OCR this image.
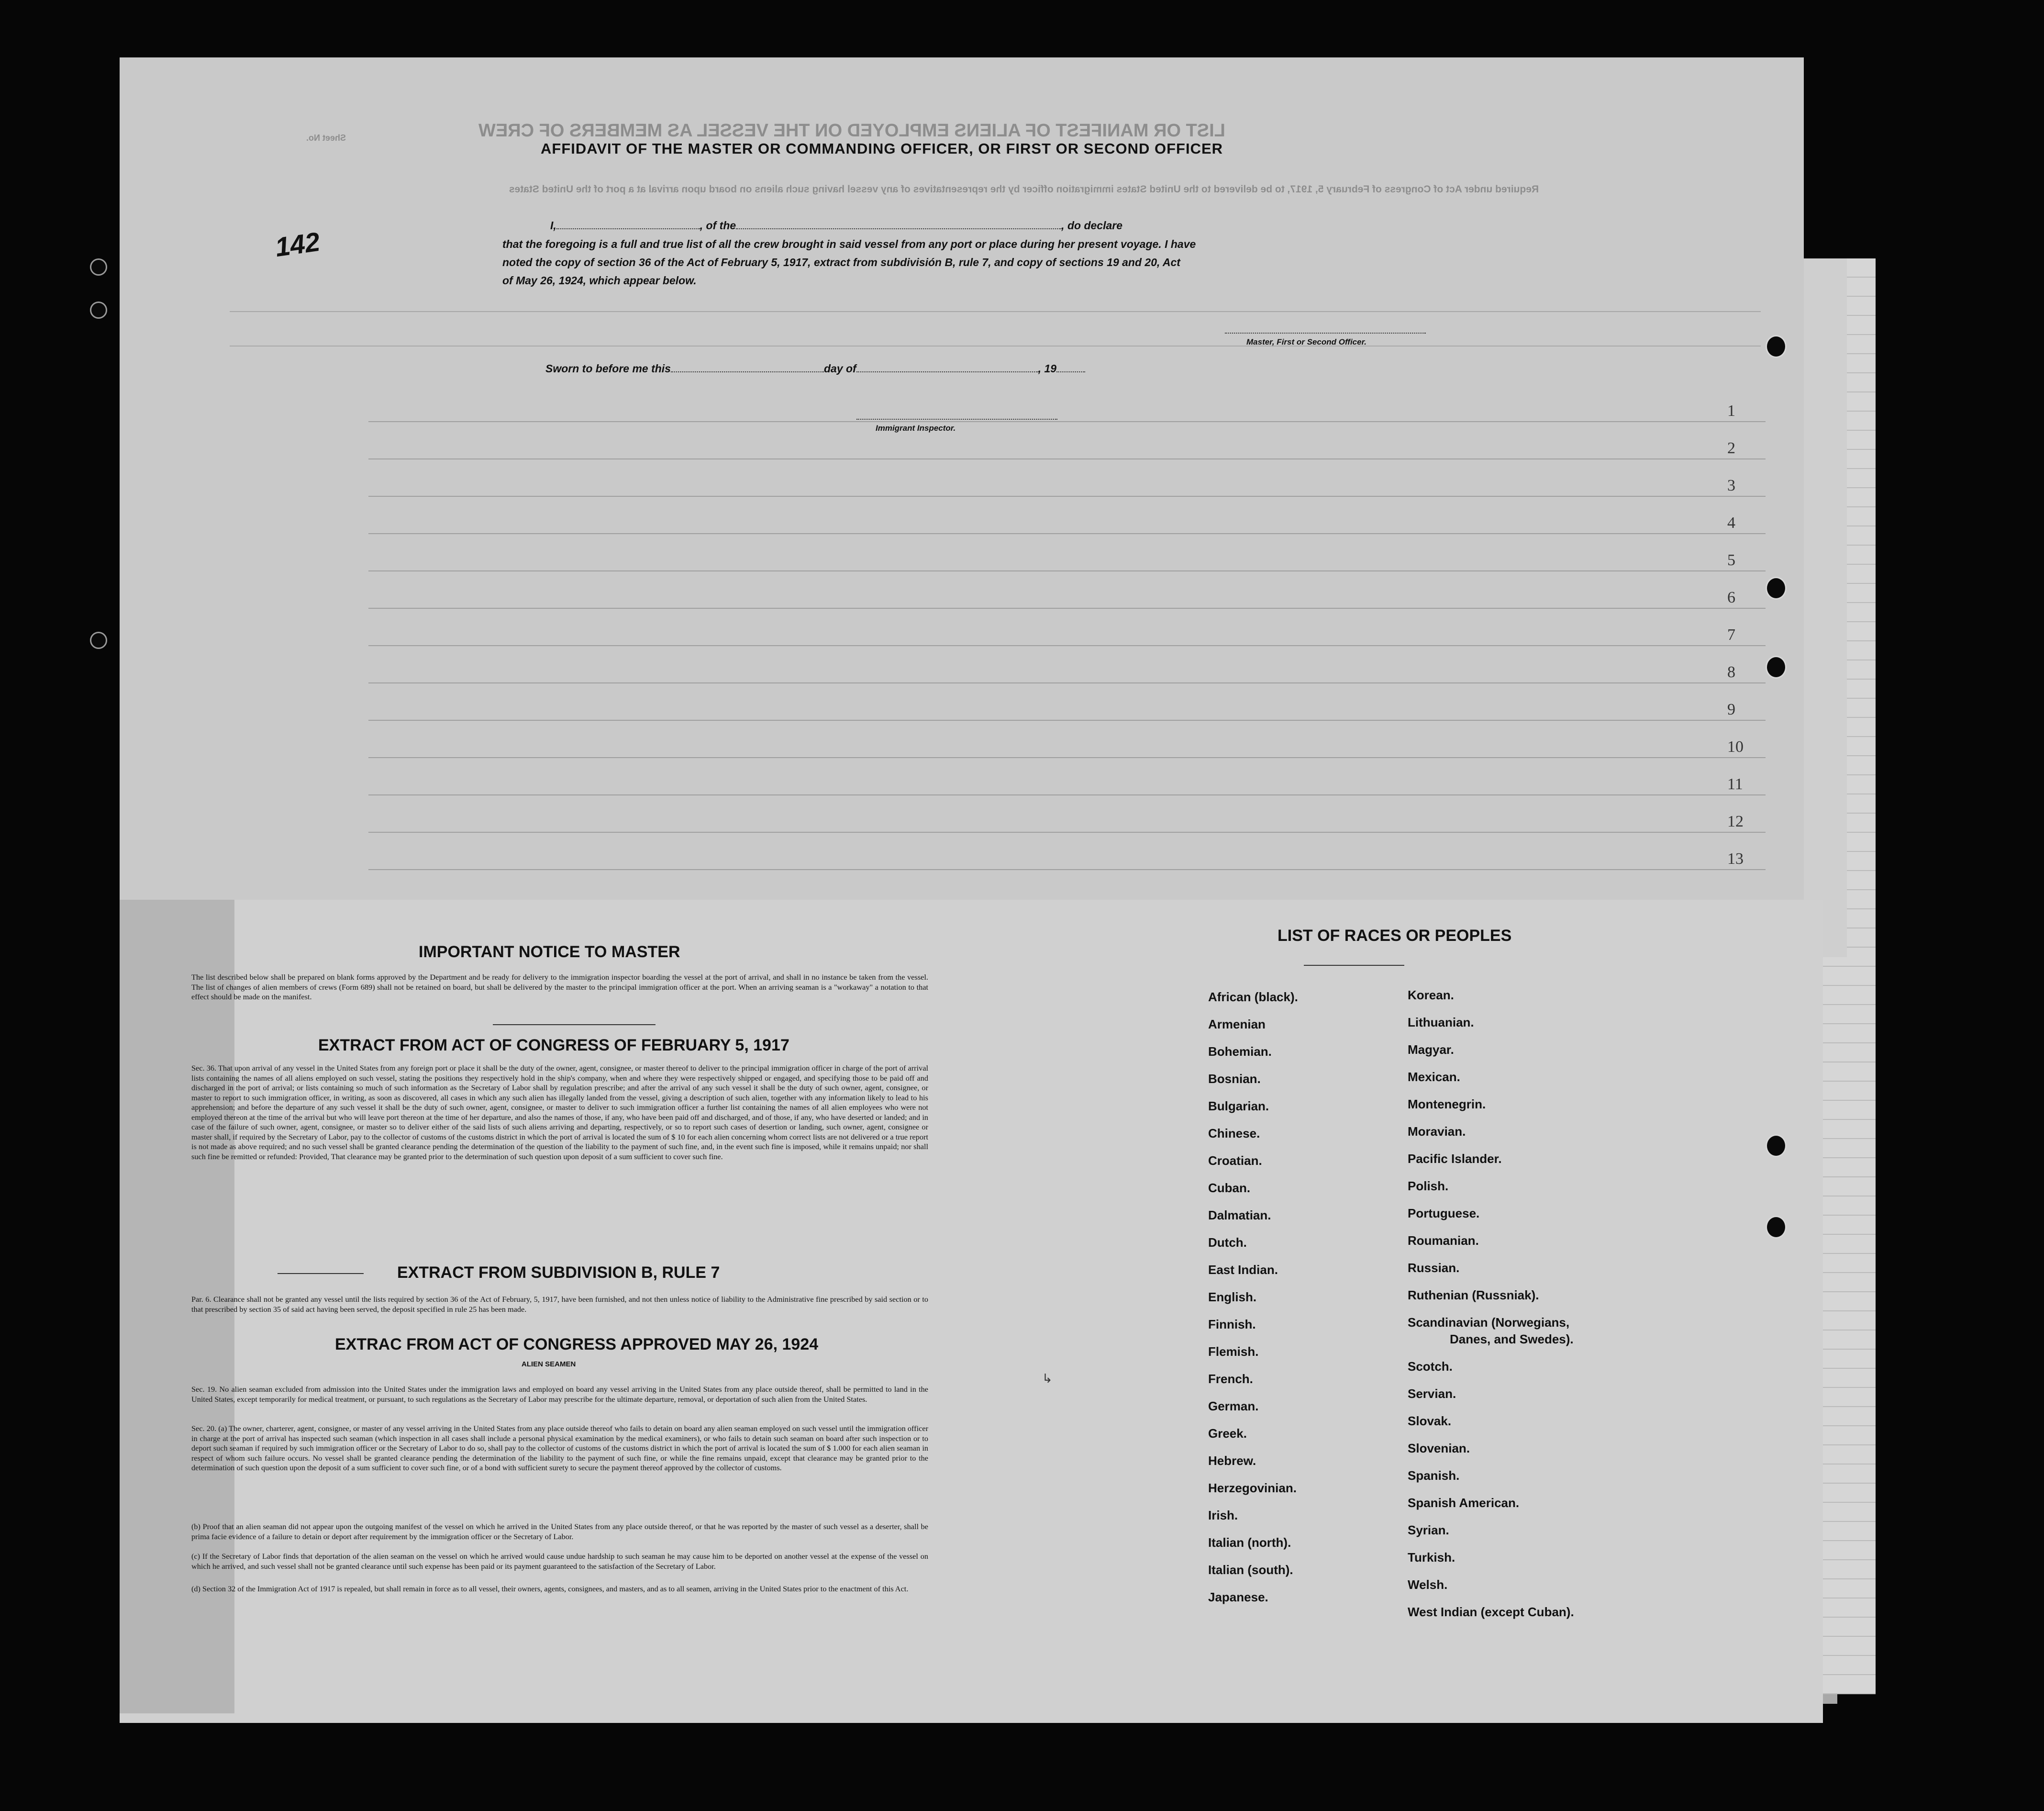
LIST OR MANIFEST OF ALIENS EMPLOYED ON THE VESSEL AS MEMBERS OF CREW
Required under Act of Congress of February 5, 1917, to be delivered to the United States immigration officer by the representatives of any vessel having such aliens on board upon arrival at a port of the United States
Sheet No.
142
AFFIDAVIT OF THE MASTER OR COMMANDING OFFICER, OR FIRST OR SECOND OFFICER
I,	, of the	, do declare
that the foregoing is a full and true list of all the crew brought in said vessel from any port or place during her present voyage. I have
noted the copy of section 36 of the Act of February 5, 1917, extract from subdivisión B, rule 7, and copy of sections 19 and 20, Act
of May 26, 1924, which appear below.
Master, First or Second Officer.
Sworn to before me this	day of	, 19
Immigrant Inspector.
1
2
3
4
5
6
7
8
9
10
11
12
13
IMPORTANT NOTICE TO MASTER
The list described below shall be prepared on blank forms approved by the Department and be ready for delivery to the immigration inspector boarding the vessel at the port of arrival, and shall in no instance be taken from the vessel. The list of changes of alien members of crews (Form 689) shall not be retained on board, but shall be delivered by the master to the principal immigration officer at the port. When an arriving seaman is a "workaway" a notation to that effect should be made on the manifest.
EXTRACT FROM ACT OF CONGRESS OF FEBRUARY 5, 1917
Sec. 36. That upon arrival of any vessel in the United States from any foreign port or place it shall be the duty of the owner, agent, consignee, or master thereof to deliver to the principal immigration officer in charge of the port of arrival lists containing the names of all aliens employed on such vessel, stating the positions they respectively hold in the ship's company, when and where they were respectively shipped or engaged, and specifying those to be paid off and discharged in the port of arrival; or lists containing so much of such information as the Secretary of Labor shall by regulation prescribe; and after the arrival of any such vessel it shall be the duty of such owner, agent, consignee, or master to report to such immigration officer, in writing, as soon as discovered, all cases in which any such alien has illegally landed from the vessel, giving a description of such alien, together with any information likely to lead to his apprehension; and before the departure of any such vessel it shall be the duty of such owner, agent, consignee, or master to deliver to such immigration officer a further list containing the names of all alien employees who were not employed thereon at the time of the arrival but who will leave port thereon at the time of her departure, and also the names of those, if any, who have been paid off and discharged, and of those, if any, who have deserted or landed; and in case of the failure of such owner, agent, consignee, or master so to deliver either of the said lists of such aliens arriving and departing, respectively, or so to report such cases of desertion or landing, such owner, agent, consignee or master shall, if required by the Secretary of Labor, pay to the collector of customs of the customs district in which the port of arrival is located the sum of $ 10 for each alien concerning whom correct lists are not delivered or a true report is not made as above required; and no such vessel shall be granted clearance pending the determination of the question of the liability to the payment of such fine, and, in the event such fine is imposed, while it remains unpaid; nor shall such fine be remitted or refunded: Provided, That clearance may be granted prior to the determination of such question upon deposit of a sum sufficient to cover such fine.
EXTRACT FROM SUBDIVISION B, RULE 7
Par. 6. Clearance shall not be granted any vessel until the lists required by section 36 of the Act of February, 5, 1917, have been furnished, and not then unless notice of liability to the Administrative fine prescribed by said section or to that prescribed by section 35 of said act having been served, the deposit specified in rule 25 has been made.
EXTRAC FROM ACT OF CONGRESS APPROVED MAY 26, 1924
ALIEN SEAMEN
Sec. 19. No alien seaman excluded from admission into the United States under the immigration laws and employed on board any vessel arriving in the United States from any place outside thereof, shall be permitted to land in the United States, except temporarily for medical treatment, or pursuant, to such regulations as the Secretary of Labor may prescribe for the ultimate departure, removal, or deportation of such alien from the United States.
Sec. 20. (a) The owner, charterer, agent, consignee, or master of any vessel arriving in the United States from any place outside thereof who fails to detain on board any alien seaman employed on such vessel until the immigration officer in charge at the port of arrival has inspected such seaman (which inspection in all cases shall include a personal physical examination by the medical examiners), or who fails to detain such seaman on board after such inspection or to deport such seaman if required by such immigration officer or the Secretary of Labor to do so, shall pay to the collector of customs of the customs district in which the port of arrival is located the sum of $ 1.000 for each alien seaman in respect of whom such failure occurs. No vessel shall be granted clearance pending the determination of the liability to the payment of such fine, or while the fine remains unpaid, except that clearance may be granted prior to the determination of such question upon the deposit of a sum sufficient to cover such fine, or of a bond with sufficient surety to secure the payment thereof approved by the collector of customs.
(b) Proof that an alien seaman did not appear upon the outgoing manifest of the vessel on which he arrived in the United States from any place outside thereof, or that he was reported by the master of such vessel as a deserter, shall be prima facie evidence of a failure to detain or deport after requirement by the immigration officer or the Secretary of Labor.
(c) If the Secretary of Labor finds that deportation of the alien seaman on the vessel on which he arrived would cause undue hardship to such seaman he may cause him to be deported on another vessel at the expense of the vessel on which he arrived, and such vessel shall not be granted clearance until such expense has been paid or its payment guaranteed to the satisfaction of the Secretary of Labor.
(d) Section 32 of the Immigration Act of 1917 is repealed, but shall remain in force as to all vessel, their owners, agents, consignees, and masters, and as to all seamen, arriving in the United States prior to the enactment of this Act.
LIST OF RACES OR PEOPLES
African (black).
Armenian
Bohemian.
Bosnian.
Bulgarian.
Chinese.
Croatian.
Cuban.
Dalmatian.
Dutch.
East Indian.
English.
Finnish.
Flemish.
French.
German.
Greek.
Hebrew.
Herzegovinian.
Irish.
Italian (north).
Italian (south).
Japanese.
Korean.
Lithuanian.
Magyar.
Mexican.
Montenegrin.
Moravian.
Pacific Islander.
Polish.
Portuguese.
Roumanian.
Russian.
Ruthenian (Russniak).
Scandinavian (Norwegians,
Danes, and Swedes).
Scotch.
Servian.
Slovak.
Slovenian.
Spanish.
Spanish American.
Syrian.
Turkish.
Welsh.
West Indian (except Cuban).
↳
